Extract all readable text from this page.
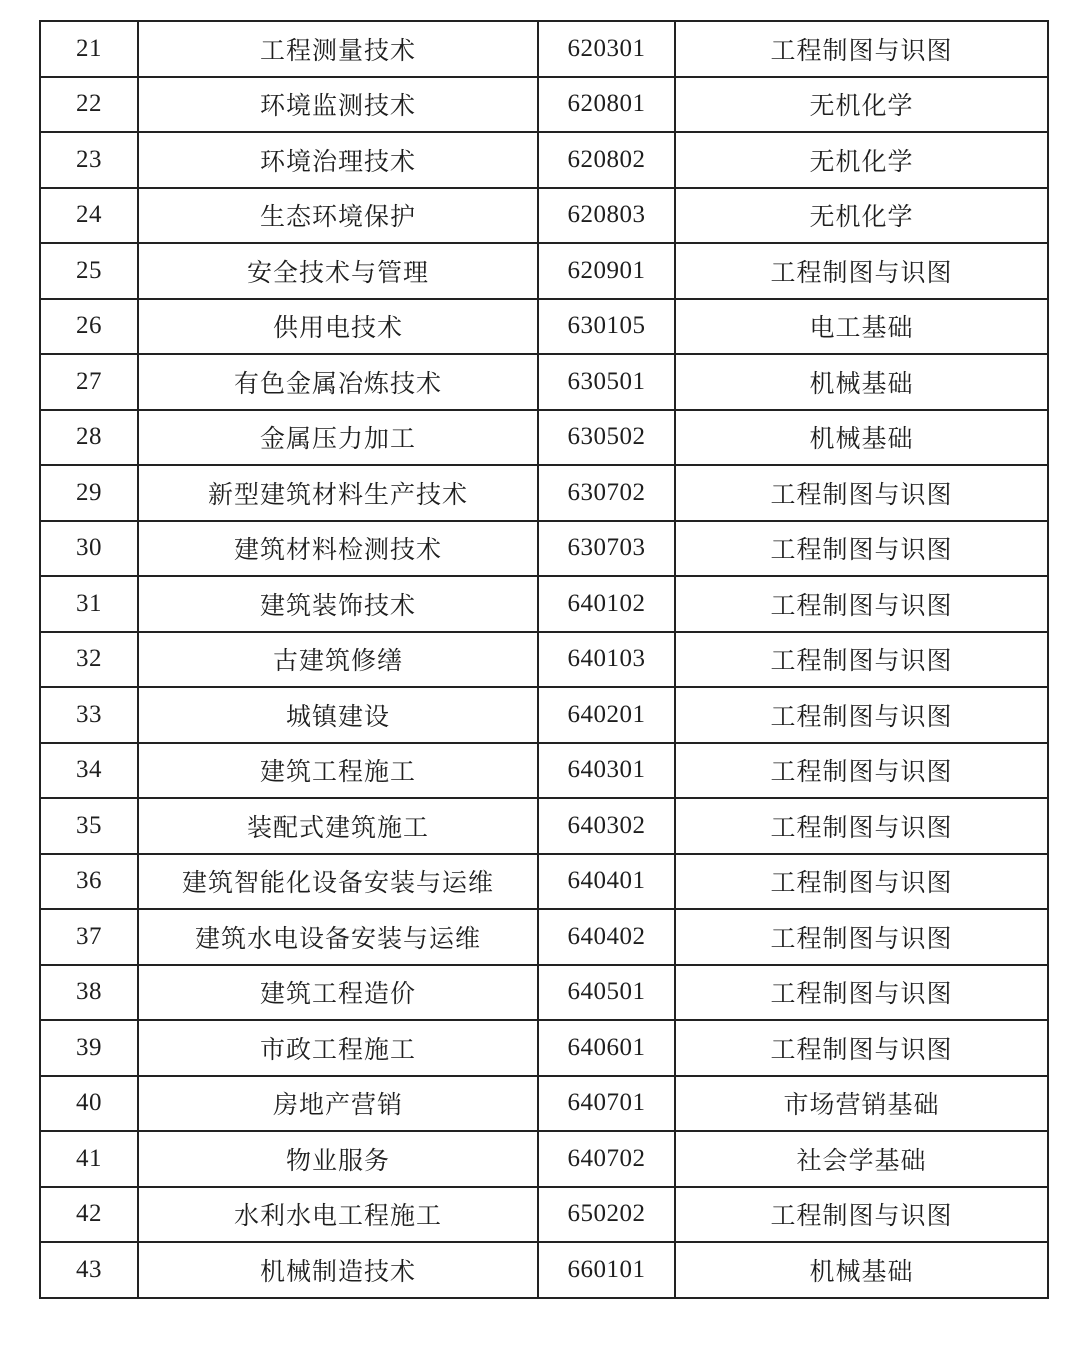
21	工程测量技术	620301	工程制图与识图
22	环境监测技术	620801	无机化学
23	环境治理技术	620802	无机化学
24	生态环境保护	620803	无机化学
25	安全技术与管理	620901	工程制图与识图
26	供用电技术	630105	电工基础
27	有色金属冶炼技术	630501	机械基础
28	金属压力加工	630502	机械基础
29	新型建筑材料生产技术	630702	工程制图与识图
30	建筑材料检测技术	630703	工程制图与识图
31	建筑装饰技术	640102	工程制图与识图
32	古建筑修缮	640103	工程制图与识图
33	城镇建设	640201	工程制图与识图
34	建筑工程施工	640301	工程制图与识图
35	装配式建筑施工	640302	工程制图与识图
36	建筑智能化设备安装与运维	640401	工程制图与识图
37	建筑水电设备安装与运维	640402	工程制图与识图
38	建筑工程造价	640501	工程制图与识图
39	市政工程施工	640601	工程制图与识图
40	房地产营销	640701	市场营销基础
41	物业服务	640702	社会学基础
42	水利水电工程施工	650202	工程制图与识图
43	机械制造技术	660101	机械基础
